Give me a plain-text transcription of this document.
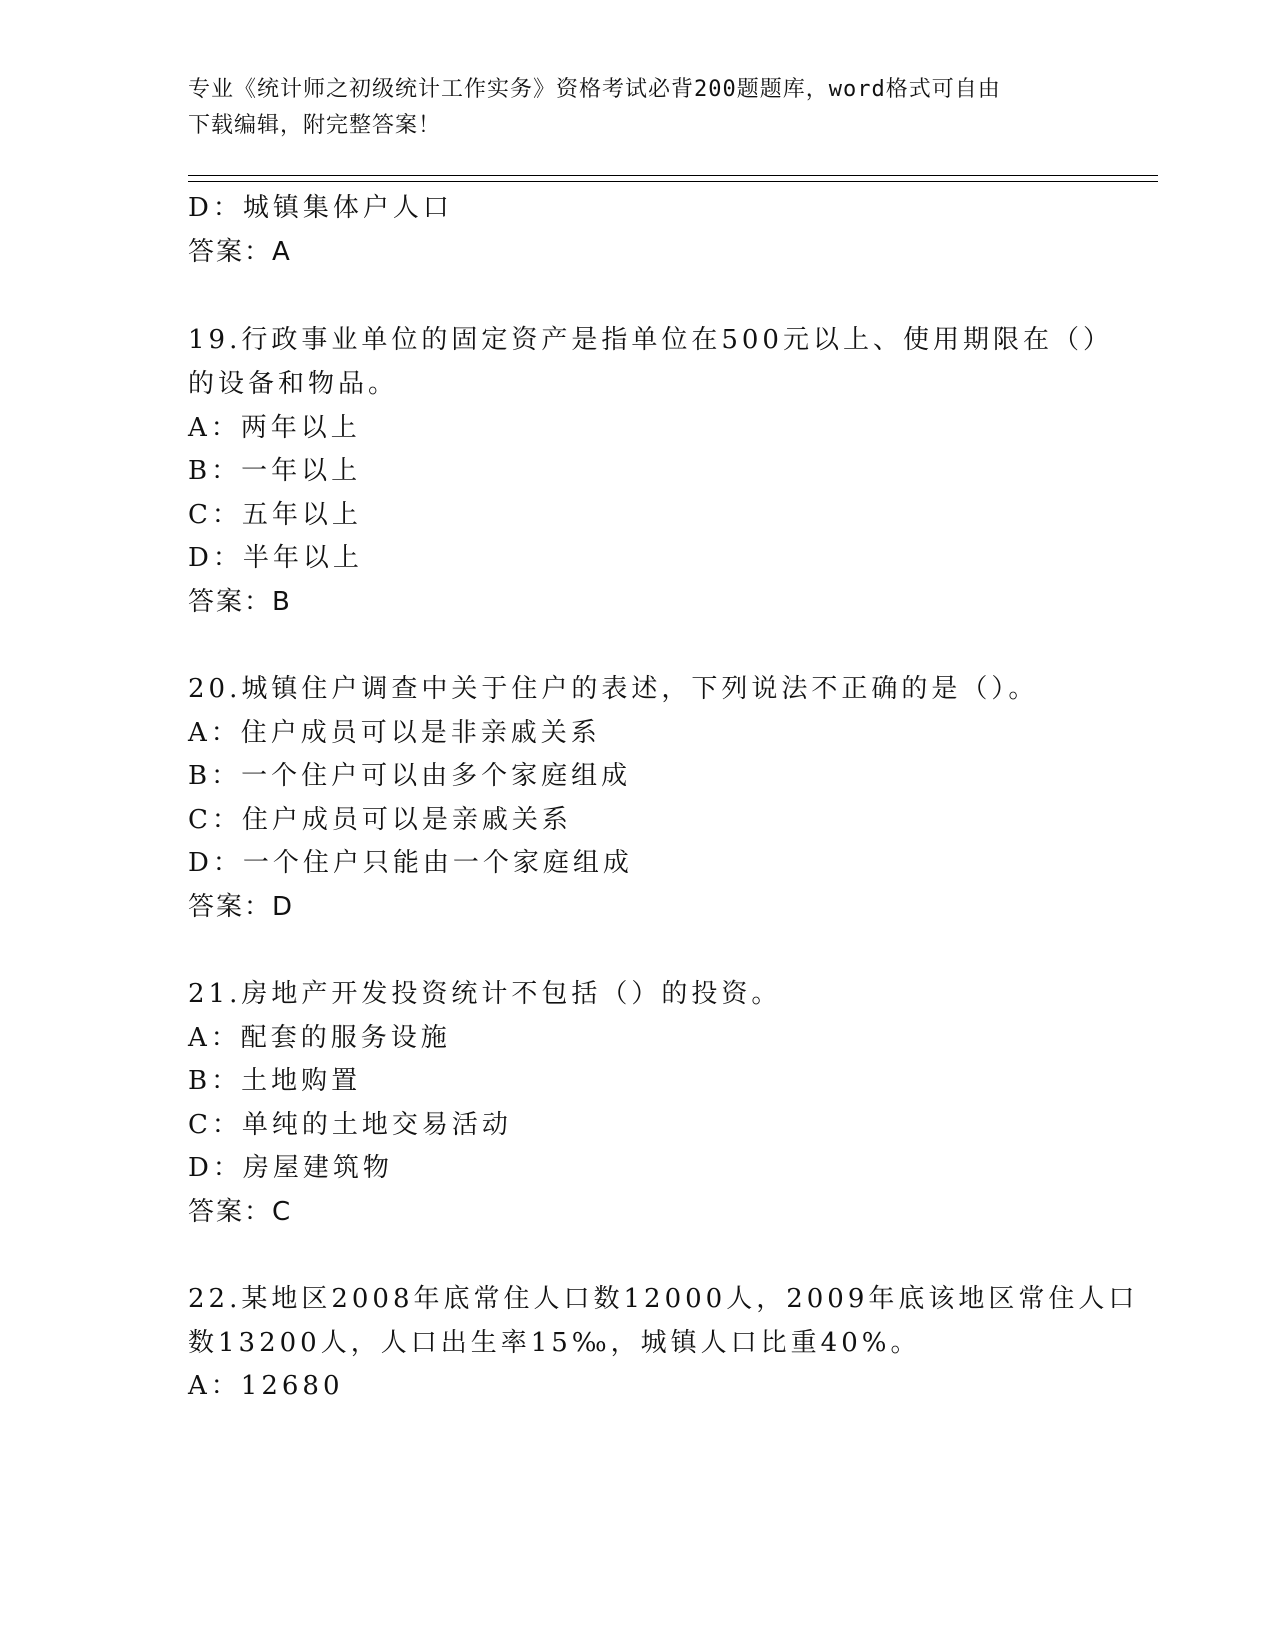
专业《统计师之初级统计工作实务》资格考试必背200题题库，word格式可自由
下载编辑，附完整答案！
D：城镇集体户人口
答案：A
19.行政事业单位的固定资产是指单位在500元以上、使用期限在（）
的设备和物品。
A：两年以上
B：一年以上
C：五年以上
D：半年以上
答案：B
20.城镇住户调查中关于住户的表述，下列说法不正确的是（）。
A：住户成员可以是非亲戚关系
B：一个住户可以由多个家庭组成
C：住户成员可以是亲戚关系
D：一个住户只能由一个家庭组成
答案：D
21.房地产开发投资统计不包括（）的投资。
A：配套的服务设施
B：土地购置
C：单纯的土地交易活动
D：房屋建筑物
答案：C
22.某地区2008年底常住人口数12000人，2009年底该地区常住人口
数13200人，人口出生率15‰，城镇人口比重40%。
A：12680
